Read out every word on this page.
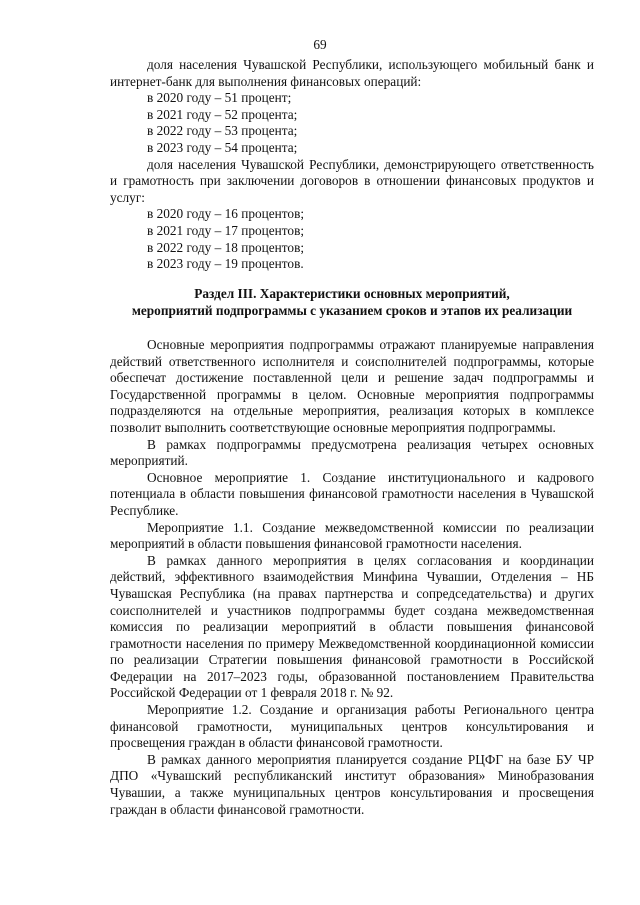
69

доля населения Чувашской Республики, использующего мобильный банк и интернет-банк для выполнения финансовых операций:

в 2020 году – 51 процент;

в 2021 году – 52 процента;

в 2022 году – 53 процента;

в 2023 году – 54 процента;

доля населения Чувашской Республики, демонстрирующего ответственность и грамотность при заключении договоров в отношении финансовых продуктов и услуг:

в 2020 году – 16 процентов;

в 2021 году – 17 процентов;

в 2022 году – 18 процентов;

в 2023 году – 19 процентов.

Раздел III. Характеристики основных мероприятий,

мероприятий подпрограммы с указанием сроков и этапов их реализации

Основные мероприятия подпрограммы отражают планируемые направления действий ответственного исполнителя и соисполнителей подпрограммы, которые обеспечат достижение поставленной цели и решение задач подпрограммы и Государственной программы в целом. Основные мероприятия подпрограммы подразделяются на отдельные мероприятия, реализация которых в комплексе позволит выполнить соответствующие основные мероприятия подпрограммы.

В рамках подпрограммы предусмотрена реализация четырех основных мероприятий.

Основное мероприятие 1. Создание институционального и кадрового потенциала в области повышения финансовой грамотности населения в Чувашской Республике.

Мероприятие 1.1. Создание межведомственной комиссии по реализации мероприятий в области повышения финансовой грамотности населения.

В рамках данного мероприятия в целях согласования и координации действий, эффективного взаимодействия Минфина Чувашии, Отделения – НБ Чувашская Республика (на правах партнерства и сопредседательства) и других соисполнителей и участников подпрограммы будет создана межведомственная комиссия по реализации мероприятий в области повышения финансовой грамотности населения по примеру Межведомственной координационной комиссии по реализации Стратегии повышения финансовой грамотности в Российской Федерации на 2017–2023 годы, образованной постановлением Правительства Российской Федерации от 1 февраля 2018 г. № 92.

Мероприятие 1.2. Создание и организация работы Регионального центра финансовой грамотности, муниципальных центров консультирования и просвещения граждан в области финансовой грамотности.

В рамках данного мероприятия планируется создание РЦФГ на базе БУ ЧР ДПО «Чувашский республиканский институт образования» Минобразования Чувашии, а также муниципальных центров консультирования и просвещения граждан в области финансовой грамотности.
